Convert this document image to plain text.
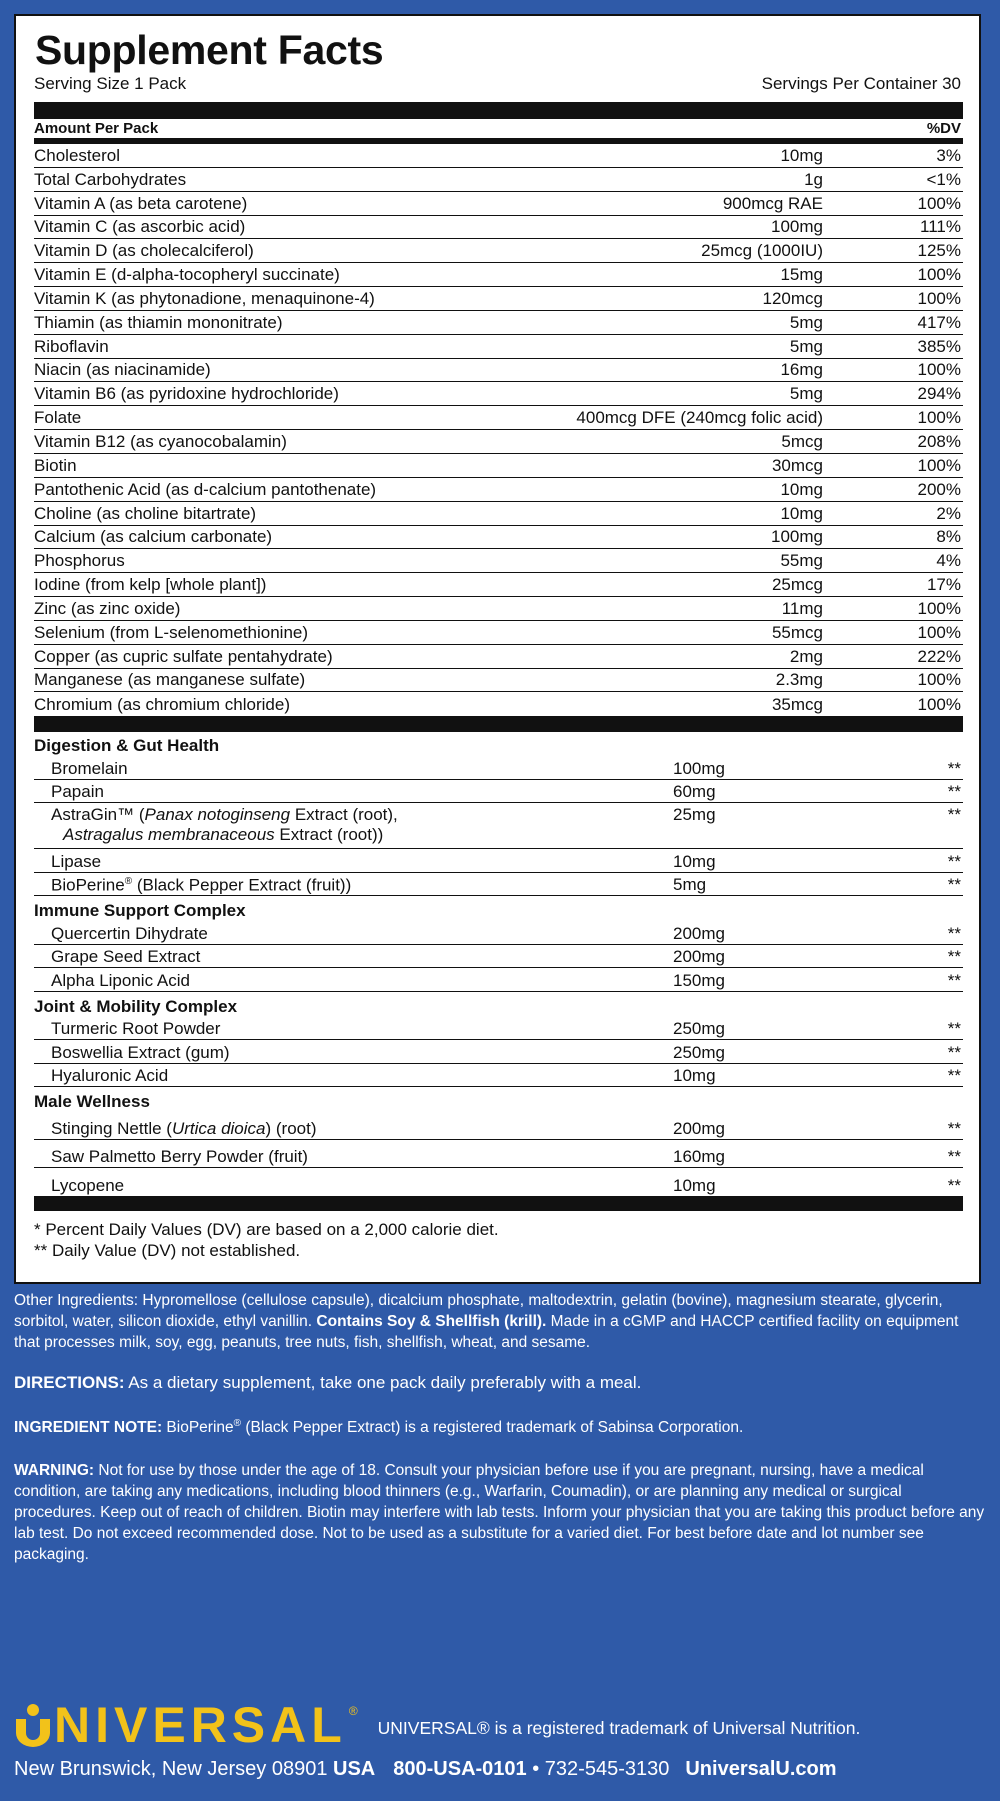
Supplement Facts
Serving Size 1 Pack	Servings Per Container 30
Amount Per Pack	%DV
Cholesterol	10mg	3%
Total Carbohydrates	1g	<1%
Vitamin A (as beta carotene)	900mcg RAE	100%
Vitamin C (as ascorbic acid)	100mg	111%
Vitamin D (as cholecalciferol)	25mcg (1000IU)	125%
Vitamin E (d-alpha-tocopheryl succinate)	15mg	100%
Vitamin K (as phytonadione, menaquinone-4)	120mcg	100%
Thiamin (as thiamin mononitrate)	5mg	417%
Riboflavin	5mg	385%
Niacin (as niacinamide)	16mg	100%
Vitamin B6 (as pyridoxine hydrochloride)	5mg	294%
Folate	400mcg DFE (240mcg folic acid)	100%
Vitamin B12 (as cyanocobalamin)	5mcg	208%
Biotin	30mcg	100%
Pantothenic Acid (as d-calcium pantothenate)	10mg	200%
Choline (as choline bitartrate)	10mg	2%
Calcium (as calcium carbonate)	100mg	8%
Phosphorus	55mg	4%
Iodine (from kelp [whole plant])	25mcg	17%
Zinc (as zinc oxide)	11mg	100%
Selenium (from L-selenomethionine)	55mcg	100%
Copper (as cupric sulfate pentahydrate)	2mg	222%
Manganese (as manganese sulfate)	2.3mg	100%
Chromium (as chromium chloride)	35mcg	100%
Digestion & Gut Health
Bromelain	100mg	**
Papain	60mg	**
AstraGin™ (Panax notoginseng Extract (root),
Astragalus membranaceous Extract (root))
25mg	**
Lipase	10mg	**
BioPerine® (Black Pepper Extract (fruit))	5mg	**
Immune Support Complex
Quercertin Dihydrate	200mg	**
Grape Seed Extract	200mg	**
Alpha Liponic Acid	150mg	**
Joint & Mobility Complex
Turmeric Root Powder	250mg	**
Boswellia Extract (gum)	250mg	**
Hyaluronic Acid	10mg	**
Male Wellness
Stinging Nettle (Urtica dioica) (root)	200mg	**
Saw Palmetto Berry Powder (fruit)	160mg	**
Lycopene	10mg	**
* Percent Daily Values (DV) are based on a 2,000 calorie diet.
** Daily Value (DV) not established.
Other Ingredients: Hypromellose (cellulose capsule), dicalcium phosphate, maltodextrin, gelatin (bovine), magnesium stearate, glycerin, sorbitol, water, silicon dioxide, ethyl vanillin. Contains Soy & Shellfish (krill). Made in a cGMP and HACCP certified facility on equipment that processes milk, soy, egg, peanuts, tree nuts, fish, shellfish, wheat, and sesame.
DIRECTIONS: As a dietary supplement, take one pack daily preferably with a meal.
INGREDIENT NOTE: BioPerine® (Black Pepper Extract) is a registered trademark of Sabinsa Corporation.
WARNING: Not for use by those under the age of 18. Consult your physician before use if you are pregnant, nursing, have a medical condition, are taking any medications, including blood thinners (e.g., Warfarin, Coumadin), or are planning any medical or surgical procedures. Keep out of reach of children. Biotin may interfere with lab tests. Inform your physician that you are taking this product before any lab test. Do not exceed recommended dose. Not to be used as a substitute for a varied diet. For best before date and lot number see packaging.
NIVERSAL ®
UNIVERSAL® is a registered trademark of Universal Nutrition.
New Brunswick, New Jersey 08901 USA 800-USA-0101 • 732-545-3130 UniversalU.com
